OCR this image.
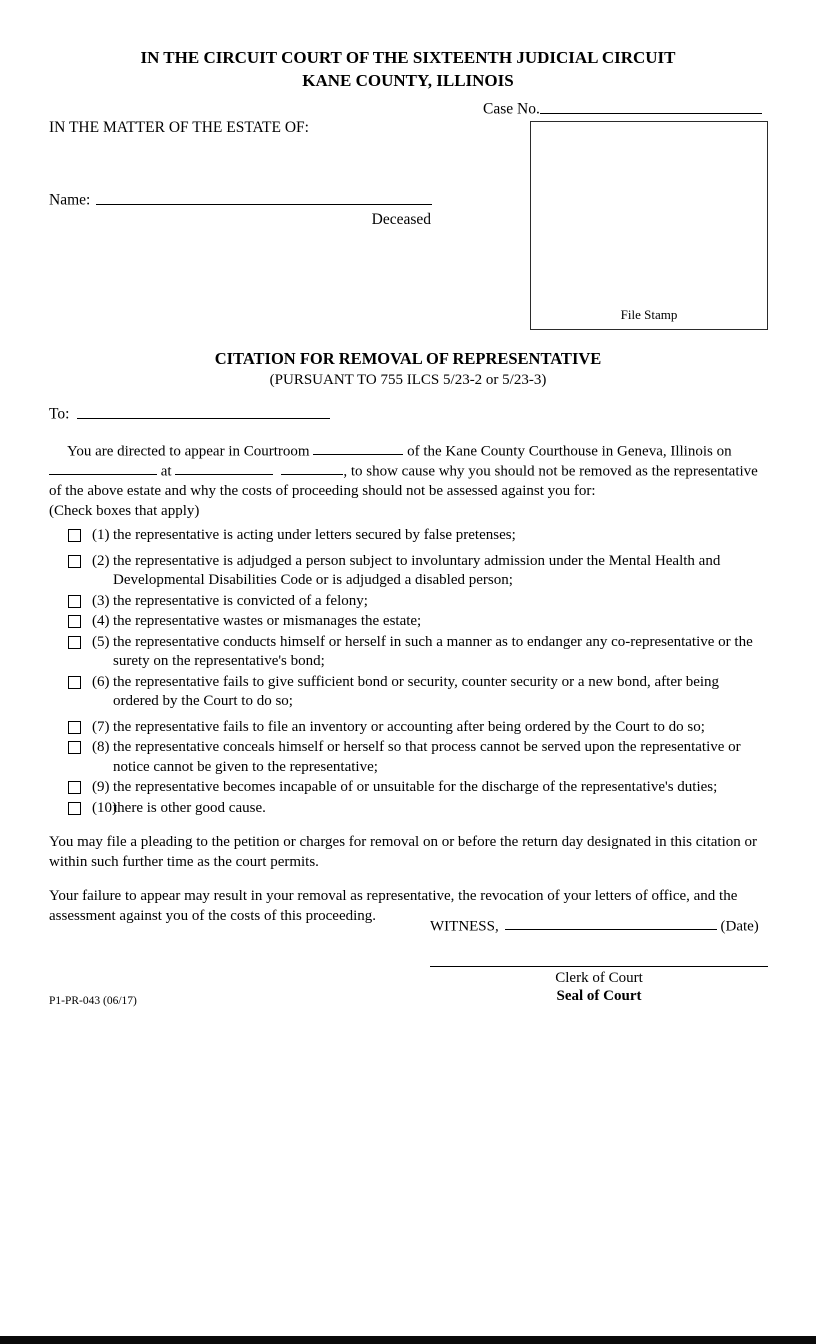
IN THE CIRCUIT COURT OF THE SIXTEENTH JUDICIAL CIRCUIT
KANE COUNTY, ILLINOIS
Case No.
IN THE MATTER OF THE ESTATE OF:
File Stamp
Name:
Deceased
CITATION FOR REMOVAL OF REPRESENTATIVE
(PURSUANT TO 755 ILCS 5/23-2 or 5/23-3)
To:
You are directed to appear in Courtroom	of the Kane County Courthouse in Geneva, Illinois on  at	, to show cause why you should not be removed as the representative of the above estate and why the costs of proceeding should not be assessed against you for:
(Check boxes that apply)
(1) the representative is acting under letters secured by false pretenses;
(2) the representative is adjudged a person subject to involuntary admission under the Mental Health and Developmental Disabilities Code or is adjudged a disabled person;
(3) the representative is convicted of a felony;
(4) the representative wastes or mismanages the estate;
(5) the representative conducts himself or herself in such a manner as to endanger any co-representative or the surety on the representative's bond;
(6) the representative fails to give sufficient bond or security, counter security or a new bond, after being ordered by the Court to do so;
(7) the representative fails to file an inventory or accounting after being ordered by the Court to do so;
(8) the representative conceals himself or herself so that process cannot be served upon the representative or notice cannot be given to the representative;
(9) the representative becomes incapable of or unsuitable for the discharge of the representative's duties;
(10)
there is other good cause.
You may file a pleading to the petition or charges for removal on or before the return day designated in this citation or within such further time as the court permits.
Your failure to appear may result in your removal as representative, the revocation of your letters of office, and the assessment against you of the costs of this proceeding.
WITNESS,	(Date)
Clerk of Court
Seal of Court
P1-PR-043 (06/17)
